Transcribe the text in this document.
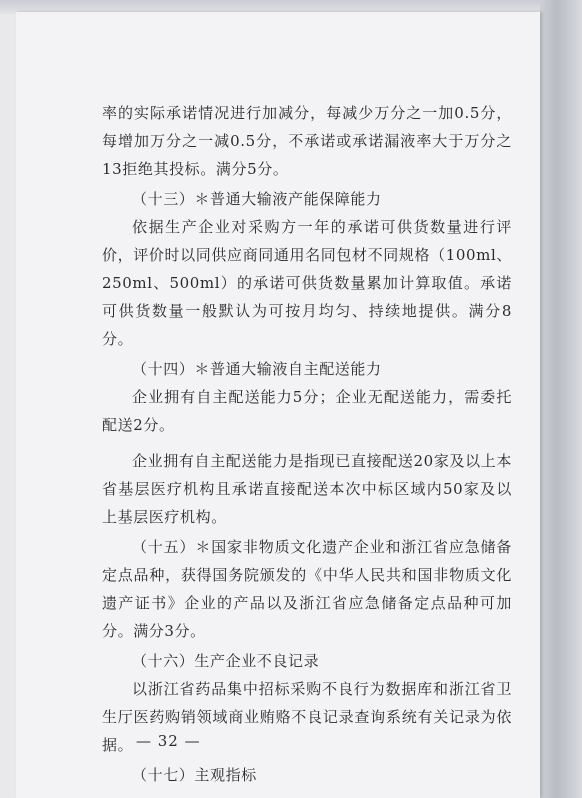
率的实际承诺情况进行加减分，每减少万分之一加0.5分，每增加万分之一减0.5分，不承诺或承诺漏液率大于万分之13拒绝其投标。满分5分。

（十三）＊普通大输液产能保障能力

依据生产企业对采购方一年的承诺可供货数量进行评价，评价时以同供应商同通用名同包材不同规格（100ml、250ml、500ml）的承诺可供货数量累加计算取值。承诺可供货数量一般默认为可按月均匀、持续地提供。满分8分。

（十四）＊普通大输液自主配送能力

企业拥有自主配送能力5分；企业无配送能力，需委托配送2分。

企业拥有自主配送能力是指现已直接配送20家及以上本省基层医疗机构且承诺直接配送本次中标区域内50家及以上基层医疗机构。

（十五）＊国家非物质文化遗产企业和浙江省应急储备定点品种，获得国务院颁发的《中华人民共和国非物质文化遗产证书》企业的产品以及浙江省应急储备定点品种可加分。满分3分。

（十六）生产企业不良记录

以浙江省药品集中招标采购不良行为数据库和浙江省卫生厅医药购销领域商业贿赂不良记录查询系统有关记录为依据。

（十七）主观指标

— 32 —
